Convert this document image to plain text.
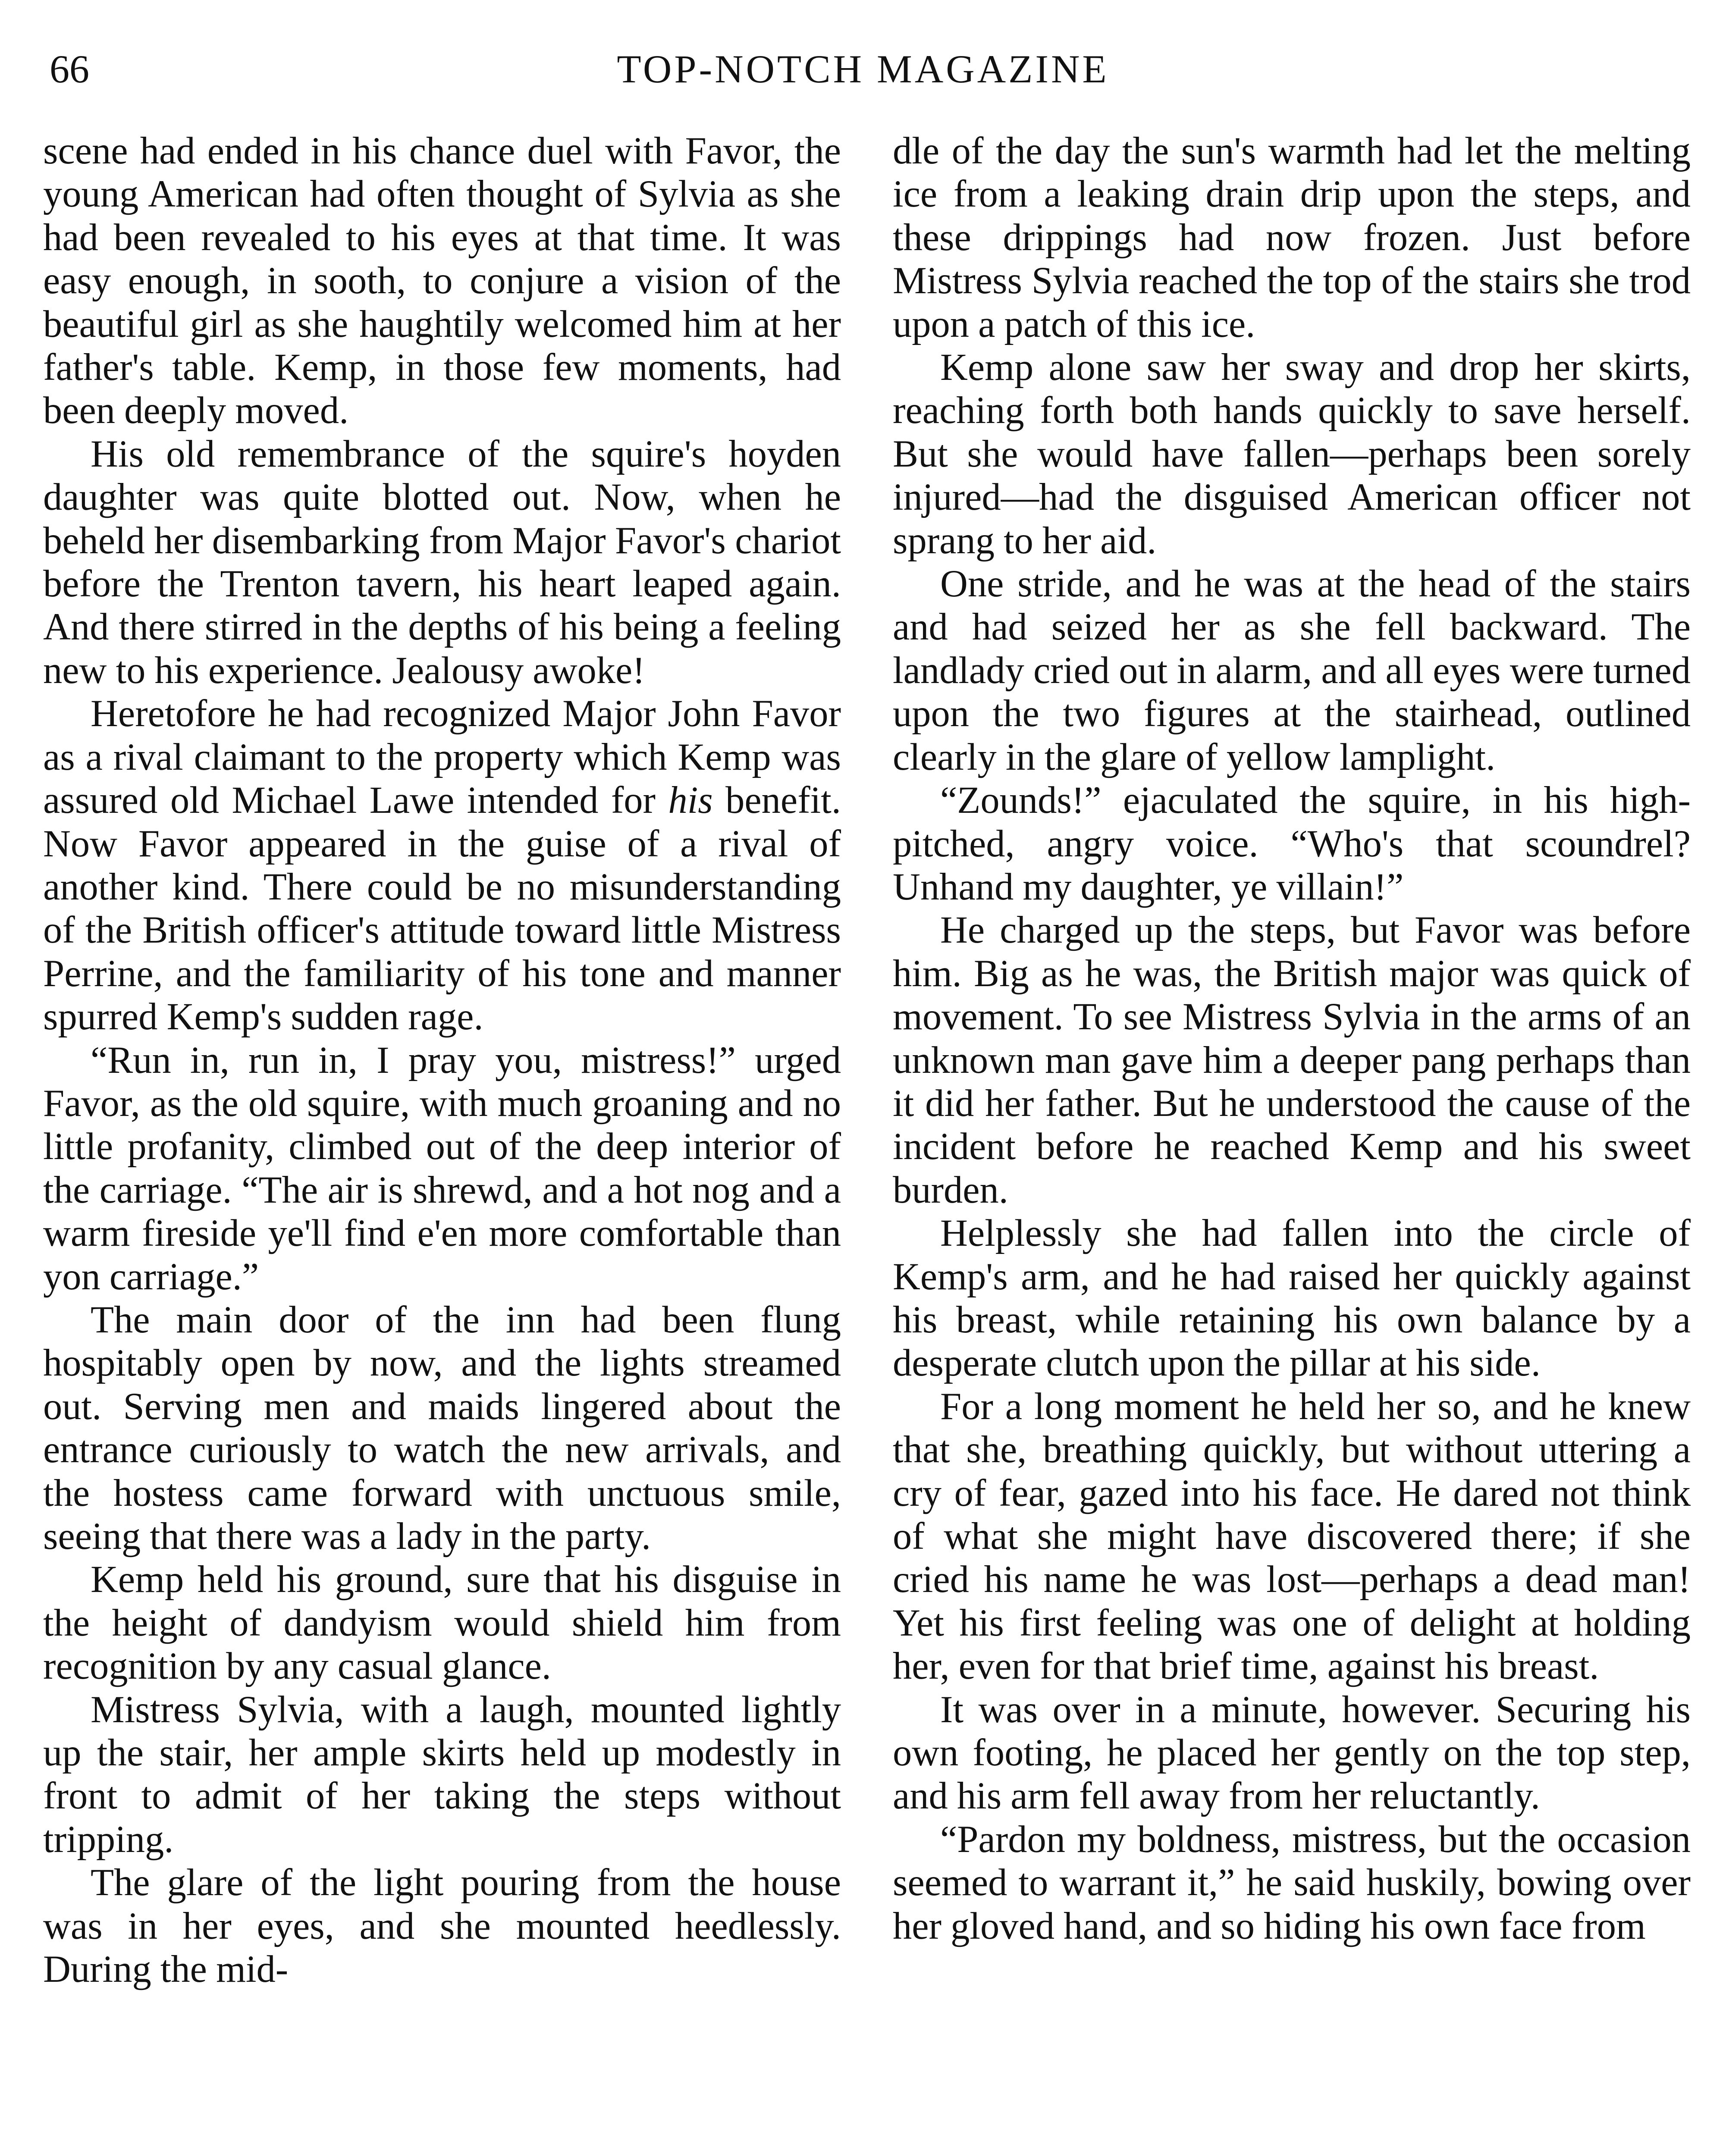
66	TOP-NOTCH MAGAZINE

scene had ended in his chance duel with Favor, the young American had often thought of Sylvia as she had been revealed to his eyes at that time. It was easy enough, in sooth, to conjure a vision of the beautiful girl as she haughtily welcomed him at her father's table. Kemp, in those few moments, had been deeply moved.

His old remembrance of the squire's hoyden daughter was quite blotted out. Now, when he beheld her disembarking from Major Favor's chariot before the Trenton tavern, his heart leaped again. And there stirred in the depths of his being a feeling new to his experience. Jealousy awoke!

Heretofore he had recognized Major John Favor as a rival claimant to the property which Kemp was assured old Michael Lawe intended for his benefit. Now Favor appeared in the guise of a rival of another kind. There could be no misunderstanding of the British officer's attitude toward little Mistress Perrine, and the familiarity of his tone and manner spurred Kemp's sudden rage.

“Run in, run in, I pray you, mistress!” urged Favor, as the old squire, with much groaning and no little profanity, climbed out of the deep interior of the carriage. “The air is shrewd, and a hot nog and a warm fireside ye'll find e'en more comfortable than yon carriage.”

The main door of the inn had been flung hospitably open by now, and the lights streamed out. Serving men and maids lingered about the entrance curiously to watch the new arrivals, and the hostess came forward with unctuous smile, seeing that there was a lady in the party.

Kemp held his ground, sure that his disguise in the height of dandyism would shield him from recognition by any casual glance.

Mistress Sylvia, with a laugh, mounted lightly up the stair, her ample skirts held up modestly in front to admit of her taking the steps without tripping.

The glare of the light pouring from the house was in her eyes, and she mounted heedlessly. During the mid-

dle of the day the sun's warmth had let the melting ice from a leaking drain drip upon the steps, and these drippings had now frozen. Just before Mistress Sylvia reached the top of the stairs she trod upon a patch of this ice.

Kemp alone saw her sway and drop her skirts, reaching forth both hands quickly to save herself. But she would have fallen—perhaps been sorely injured—had the disguised American officer not sprang to her aid.

One stride, and he was at the head of the stairs and had seized her as she fell backward. The landlady cried out in alarm, and all eyes were turned upon the two figures at the stairhead, outlined clearly in the glare of yellow lamplight.

“Zounds!” ejaculated the squire, in his high-pitched, angry voice. “Who's that scoundrel? Unhand my daughter, ye villain!”

He charged up the steps, but Favor was before him. Big as he was, the British major was quick of movement. To see Mistress Sylvia in the arms of an unknown man gave him a deeper pang perhaps than it did her father. But he understood the cause of the incident before he reached Kemp and his sweet burden.

Helplessly she had fallen into the circle of Kemp's arm, and he had raised her quickly against his breast, while retaining his own balance by a desperate clutch upon the pillar at his side.

For a long moment he held her so, and he knew that she, breathing quickly, but without uttering a cry of fear, gazed into his face. He dared not think of what she might have discovered there; if she cried his name he was lost—perhaps a dead man! Yet his first feeling was one of delight at holding her, even for that brief time, against his breast.

It was over in a minute, however. Securing his own footing, he placed her gently on the top step, and his arm fell away from her reluctantly.

“Pardon my boldness, mistress, but the occasion seemed to warrant it,” he said huskily, bowing over her gloved hand, and so hiding his own face from
